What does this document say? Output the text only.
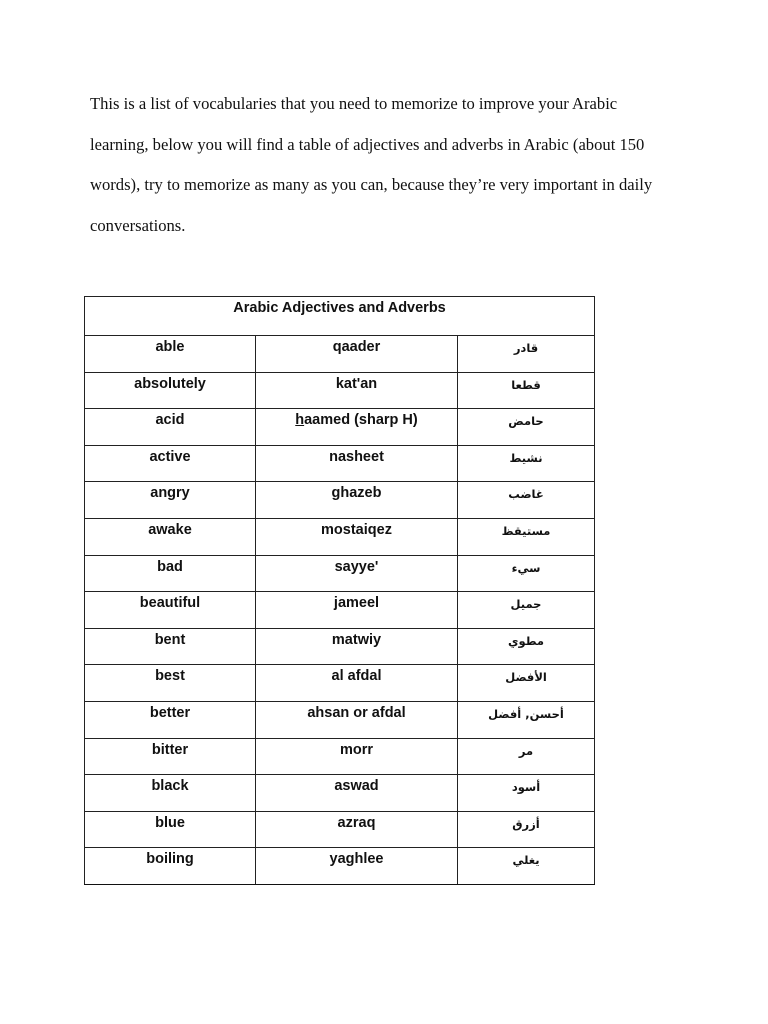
This is a list of vocabularies that you need to memorize to improve your Arabic
learning, below you will find a table of adjectives and adverbs in Arabic (about 150
words), try to memorize as many as you can, because they’re very important in daily
conversations.
Arabic Adjectives and Adverbs		
able	qaader	قادر
absolutely	kat'an	قطعا
acid	haamed (sharp H)	حامض
active	nasheet	نشيط
angry	ghazeb	غاضب
awake	mostaiqez	مستيقظ
bad	sayye'	سيء
beautiful	jameel	جميل
bent	matwiy	مطوي
best	al afdal	الأفضل
better	ahsan or afdal	أحسن, أفضل
bitter	morr	مر
black	aswad	أسود
blue	azraq	أزرق
boiling	yaghlee	يغلي
